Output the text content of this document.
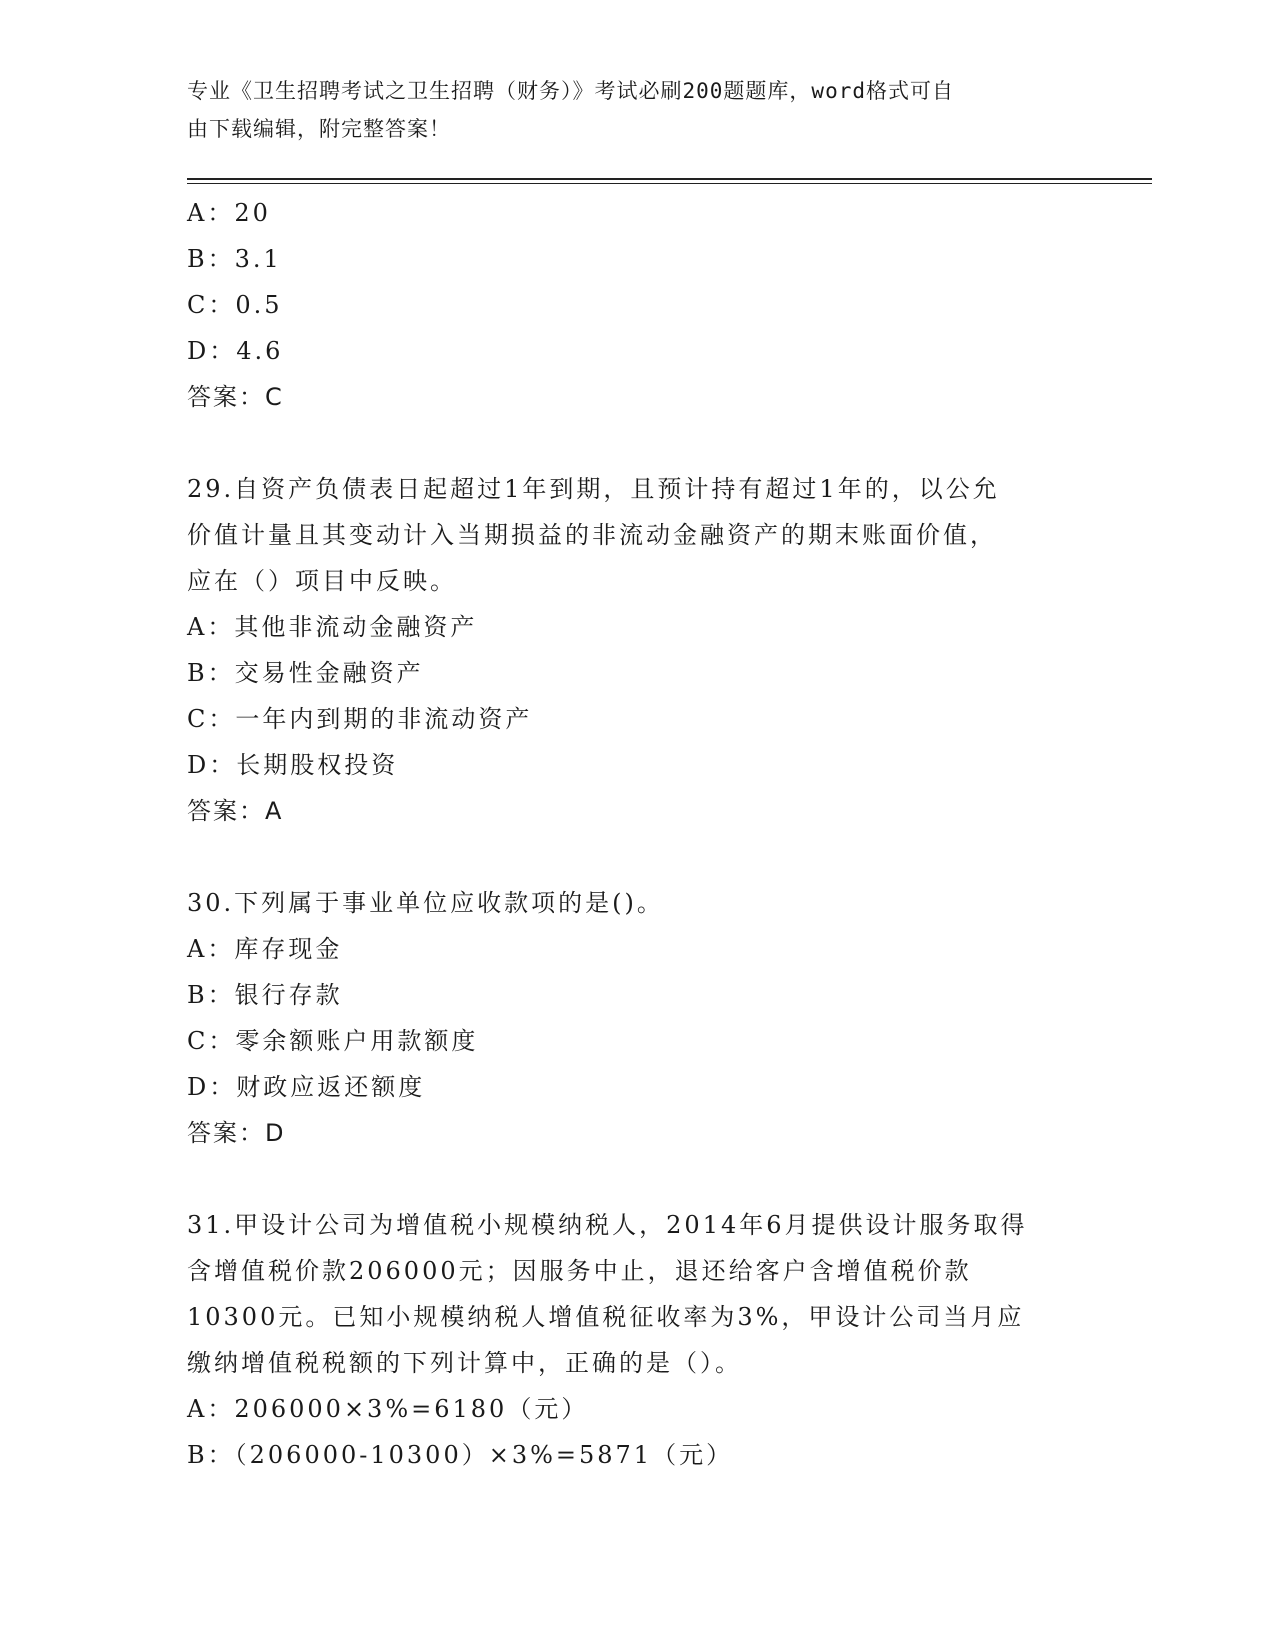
专业《卫生招聘考试之卫生招聘（财务）》考试必刷200题题库，word格式可自
由下载编辑，附完整答案！
A：20
B：3.1
C：0.5
D：4.6
答案：C
29.自资产负债表日起超过1年到期，且预计持有超过1年的，以公允
价值计量且其变动计入当期损益的非流动金融资产的期末账面价值，
应在（）项目中反映。
A：其他非流动金融资产
B：交易性金融资产
C：一年内到期的非流动资产
D：长期股权投资
答案：A
30.下列属于事业单位应收款项的是()。
A：库存现金
B：银行存款
C：零余额账户用款额度
D：财政应返还额度
答案：D
31.甲设计公司为增值税小规模纳税人，2014年6月提供设计服务取得
含增值税价款206000元；因服务中止，退还给客户含增值税价款
10300元。已知小规模纳税人增值税征收率为3%，甲设计公司当月应
缴纳增值税税额的下列计算中，正确的是（）。
A：206000×3%=6180（元）
B：（206000-10300）×3%=5871（元）
